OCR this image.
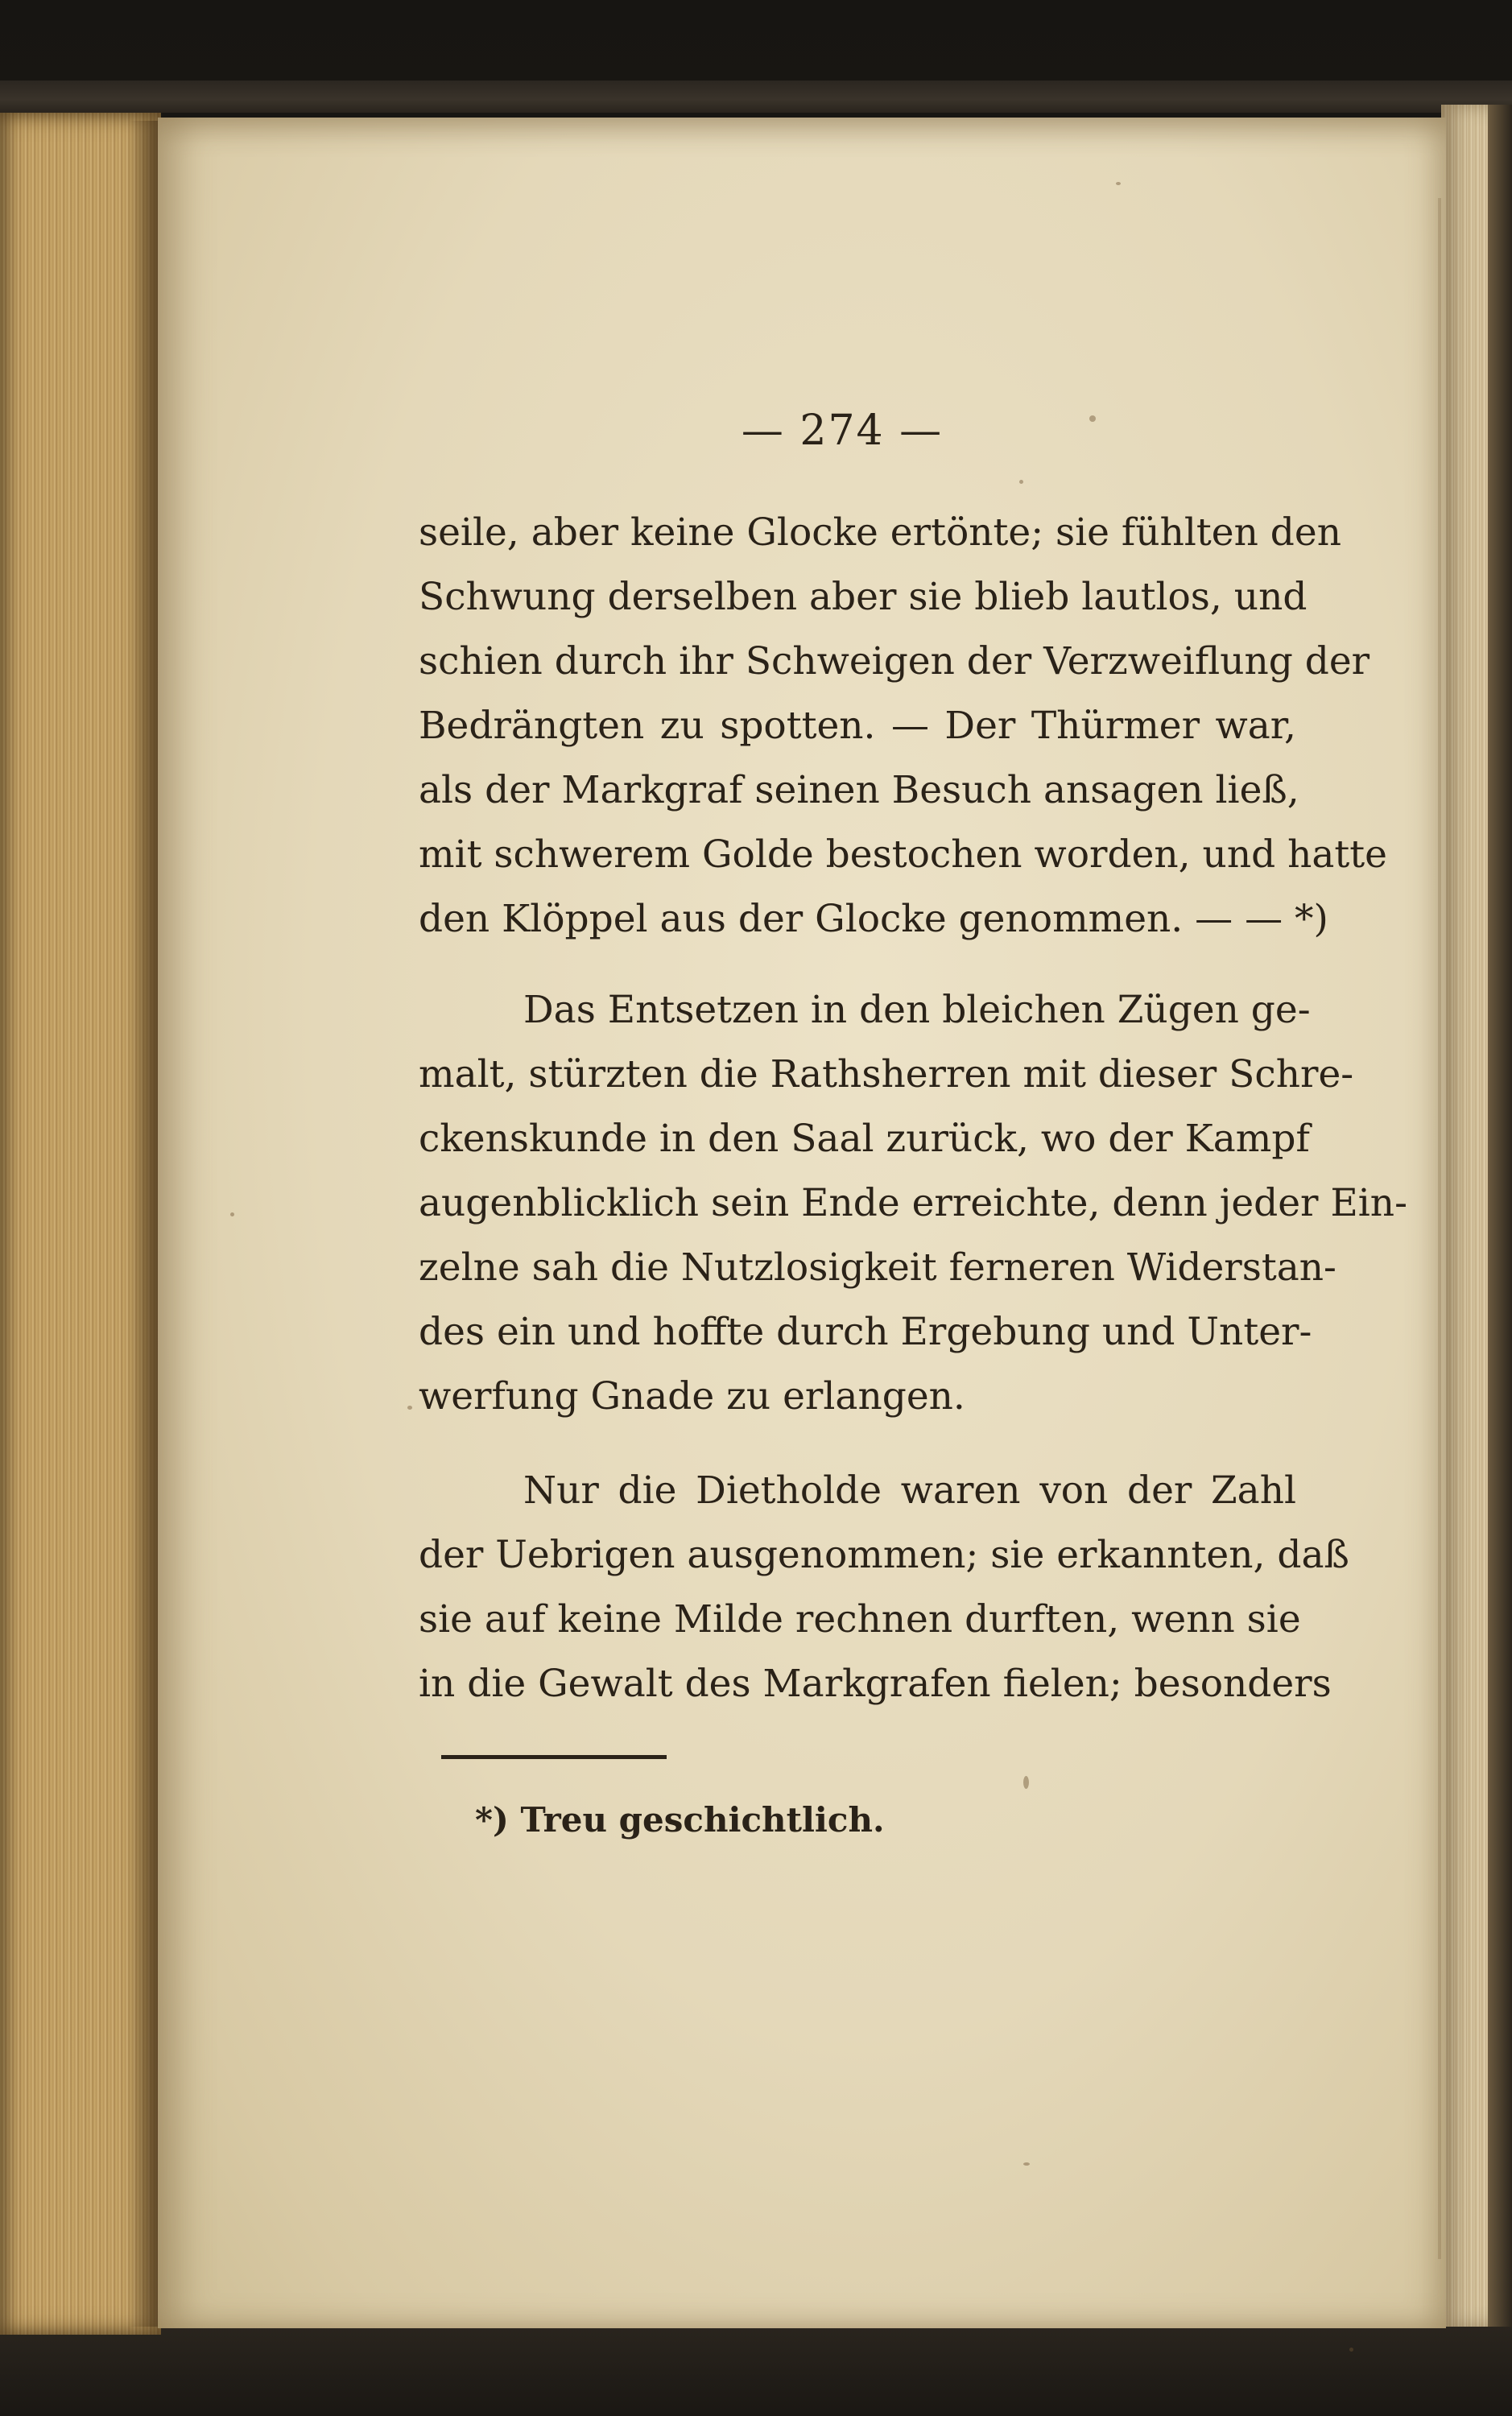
— 274 —
seile, aber keine Glocke ertönte; sie fühlten den
Schwung derselben aber sie blieb lautlos, und
schien durch ihr Schweigen der Verzweiflung der
Bedrängten zu spotten. — Der Thürmer war,
als der Markgraf seinen Besuch ansagen ließ,
mit schwerem Golde bestochen worden, und hatte
den Klöppel aus der Glocke genommen. — — *)
Das Entsetzen in den bleichen Zügen ge-
malt, stürzten die Rathsherren mit dieser Schre-
ckenskunde in den Saal zurück, wo der Kampf
augenblicklich sein Ende erreichte, denn jeder Ein-
zelne sah die Nutzlosigkeit ferneren Widerstan-
des ein und hoffte durch Ergebung und Unter-
werfung Gnade zu erlangen.
Nur die Dietholde waren von der Zahl
der Uebrigen ausgenommen; sie erkannten, daß
sie auf keine Milde rechnen durften, wenn sie
in die Gewalt des Markgrafen fielen; besonders
*) Treu geschichtlich.
